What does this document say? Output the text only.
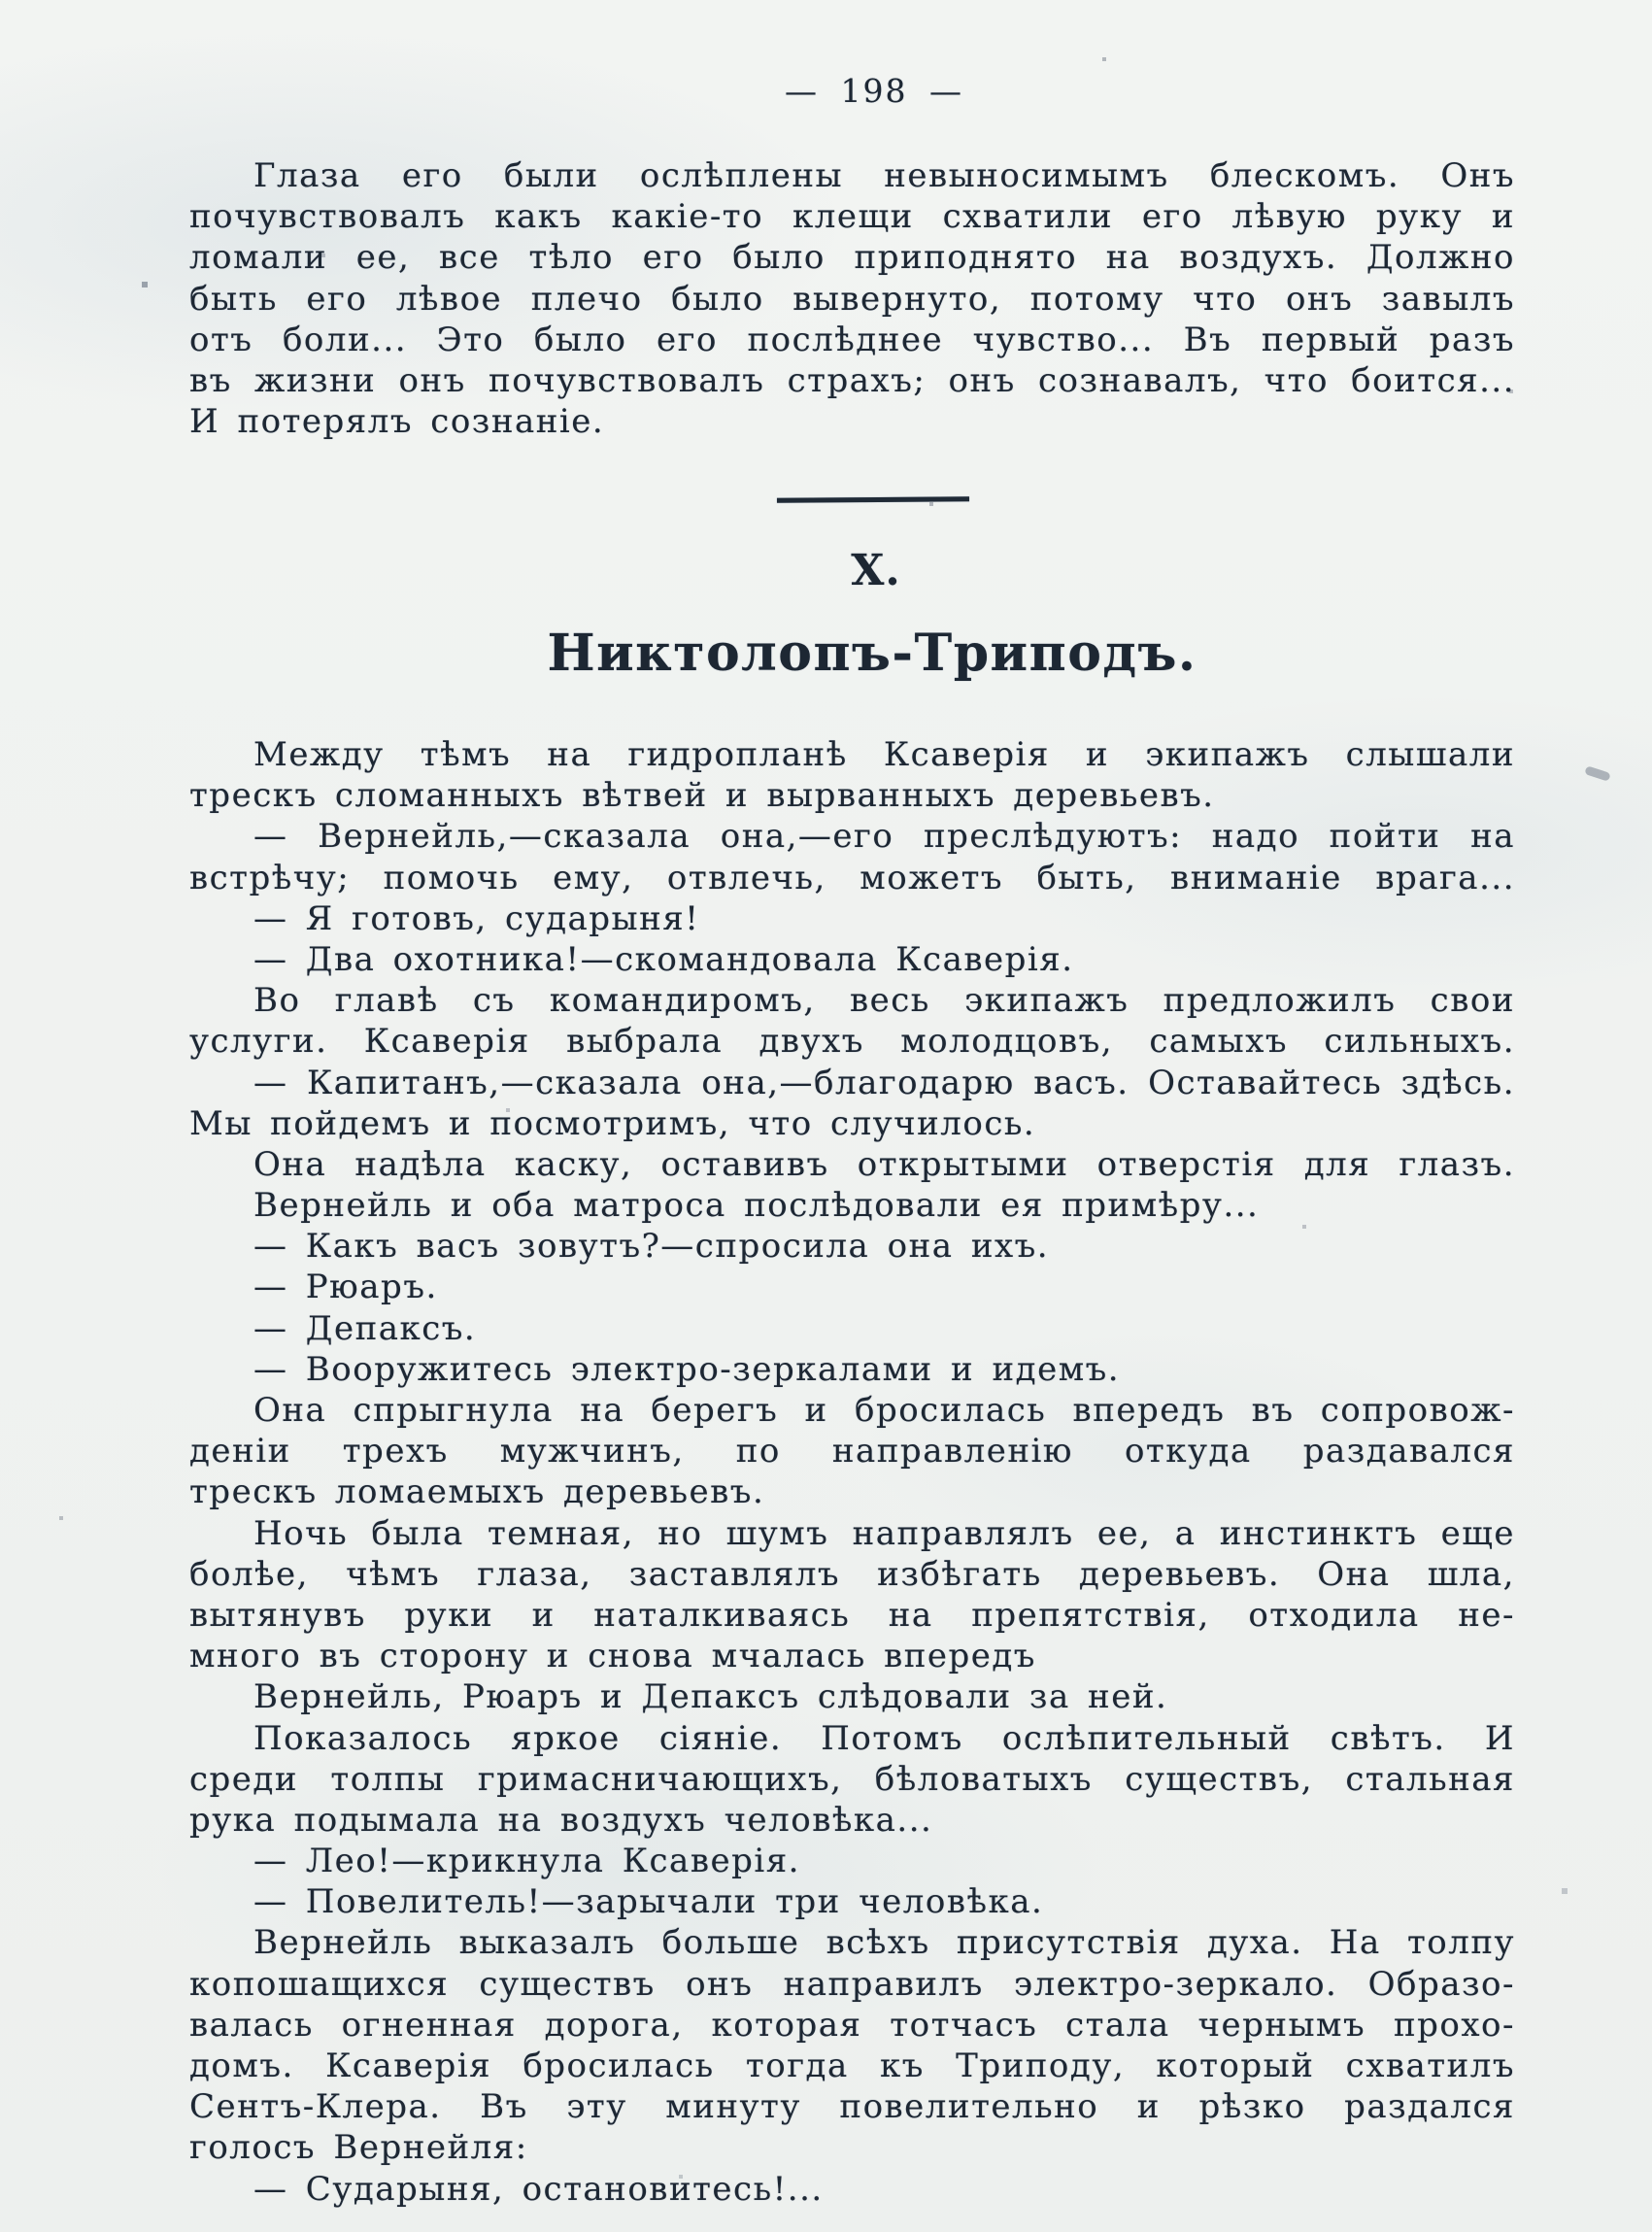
— 198 —
Глаза его были ослѣплены невыносимымъ блескомъ. Онъ
почувствовалъ какъ какіе-то клещи схватили его лѣвую руку и
ломали ее, все тѣло его было приподнято на воздухъ. Должно
быть его лѣвое плечо было вывернуто, потому что онъ завылъ
отъ боли... Это было его послѣднее чувство... Въ первый разъ
въ жизни онъ почувствовалъ страхъ; онъ сознавалъ, что боится...
И потерялъ сознаніе.
X.
Никтолопъ-Триподъ.
Между тѣмъ на гидропланѣ Ксаверія и экипажъ слышали
трескъ сломанныхъ вѣтвей и вырванныхъ деревьевъ.
— Вернейль,—сказала она,—его преслѣдуютъ: надо пойти на
встрѣчу; помочь ему, отвлечь, можетъ быть, вниманіе врага...
— Я готовъ, сударыня!
— Два охотника!—скомандовала Ксаверія.
Во главѣ съ командиромъ, весь экипажъ предложилъ свои
услуги. Ксаверія выбрала двухъ молодцовъ, самыхъ сильныхъ.
— Капитанъ,—сказала она,—благодарю васъ. Оставайтесь здѣсь.
Мы пойдемъ и посмотримъ, что случилось.
Она надѣла каску, оставивъ открытыми отверстія для глазъ.
Вернейль и оба матроса послѣдовали ея примѣру...
— Какъ васъ зовутъ?—спросила она ихъ.
— Рюаръ.
— Депаксъ.
— Вооружитесь электро-зеркалами и идемъ.
Она спрыгнула на берегъ и бросилась впередъ въ сопровож-
деніи трехъ мужчинъ, по направленію откуда раздавался
трескъ ломаемыхъ деревьевъ.
Ночь была темная, но шумъ направлялъ ее, а инстинктъ еще
болѣе, чѣмъ глаза, заставлялъ избѣгать деревьевъ. Она шла,
вытянувъ руки и наталкиваясь на препятствія, отходила не-
много въ сторону и снова мчалась впередъ
Вернейль, Рюаръ и Депаксъ слѣдовали за ней.
Показалось яркое сіяніе. Потомъ ослѣпительный свѣтъ. И
среди толпы гримасничающихъ, бѣловатыхъ существъ, стальная
рука подымала на воздухъ человѣка...
— Лео!—крикнула Ксаверія.
— Повелитель!—зарычали три человѣка.
Вернейль выказалъ больше всѣхъ присутствія духа. На толпу
копошащихся существъ онъ направилъ электро-зеркало. Образо-
валась огненная дорога, которая тотчасъ стала чернымъ прохо-
домъ. Ксаверія бросилась тогда къ Триподу, который схватилъ
Сентъ-Клера. Въ эту минуту повелительно и рѣзко раздался
голосъ Вернейля:
— Сударыня, остановитесь!...
